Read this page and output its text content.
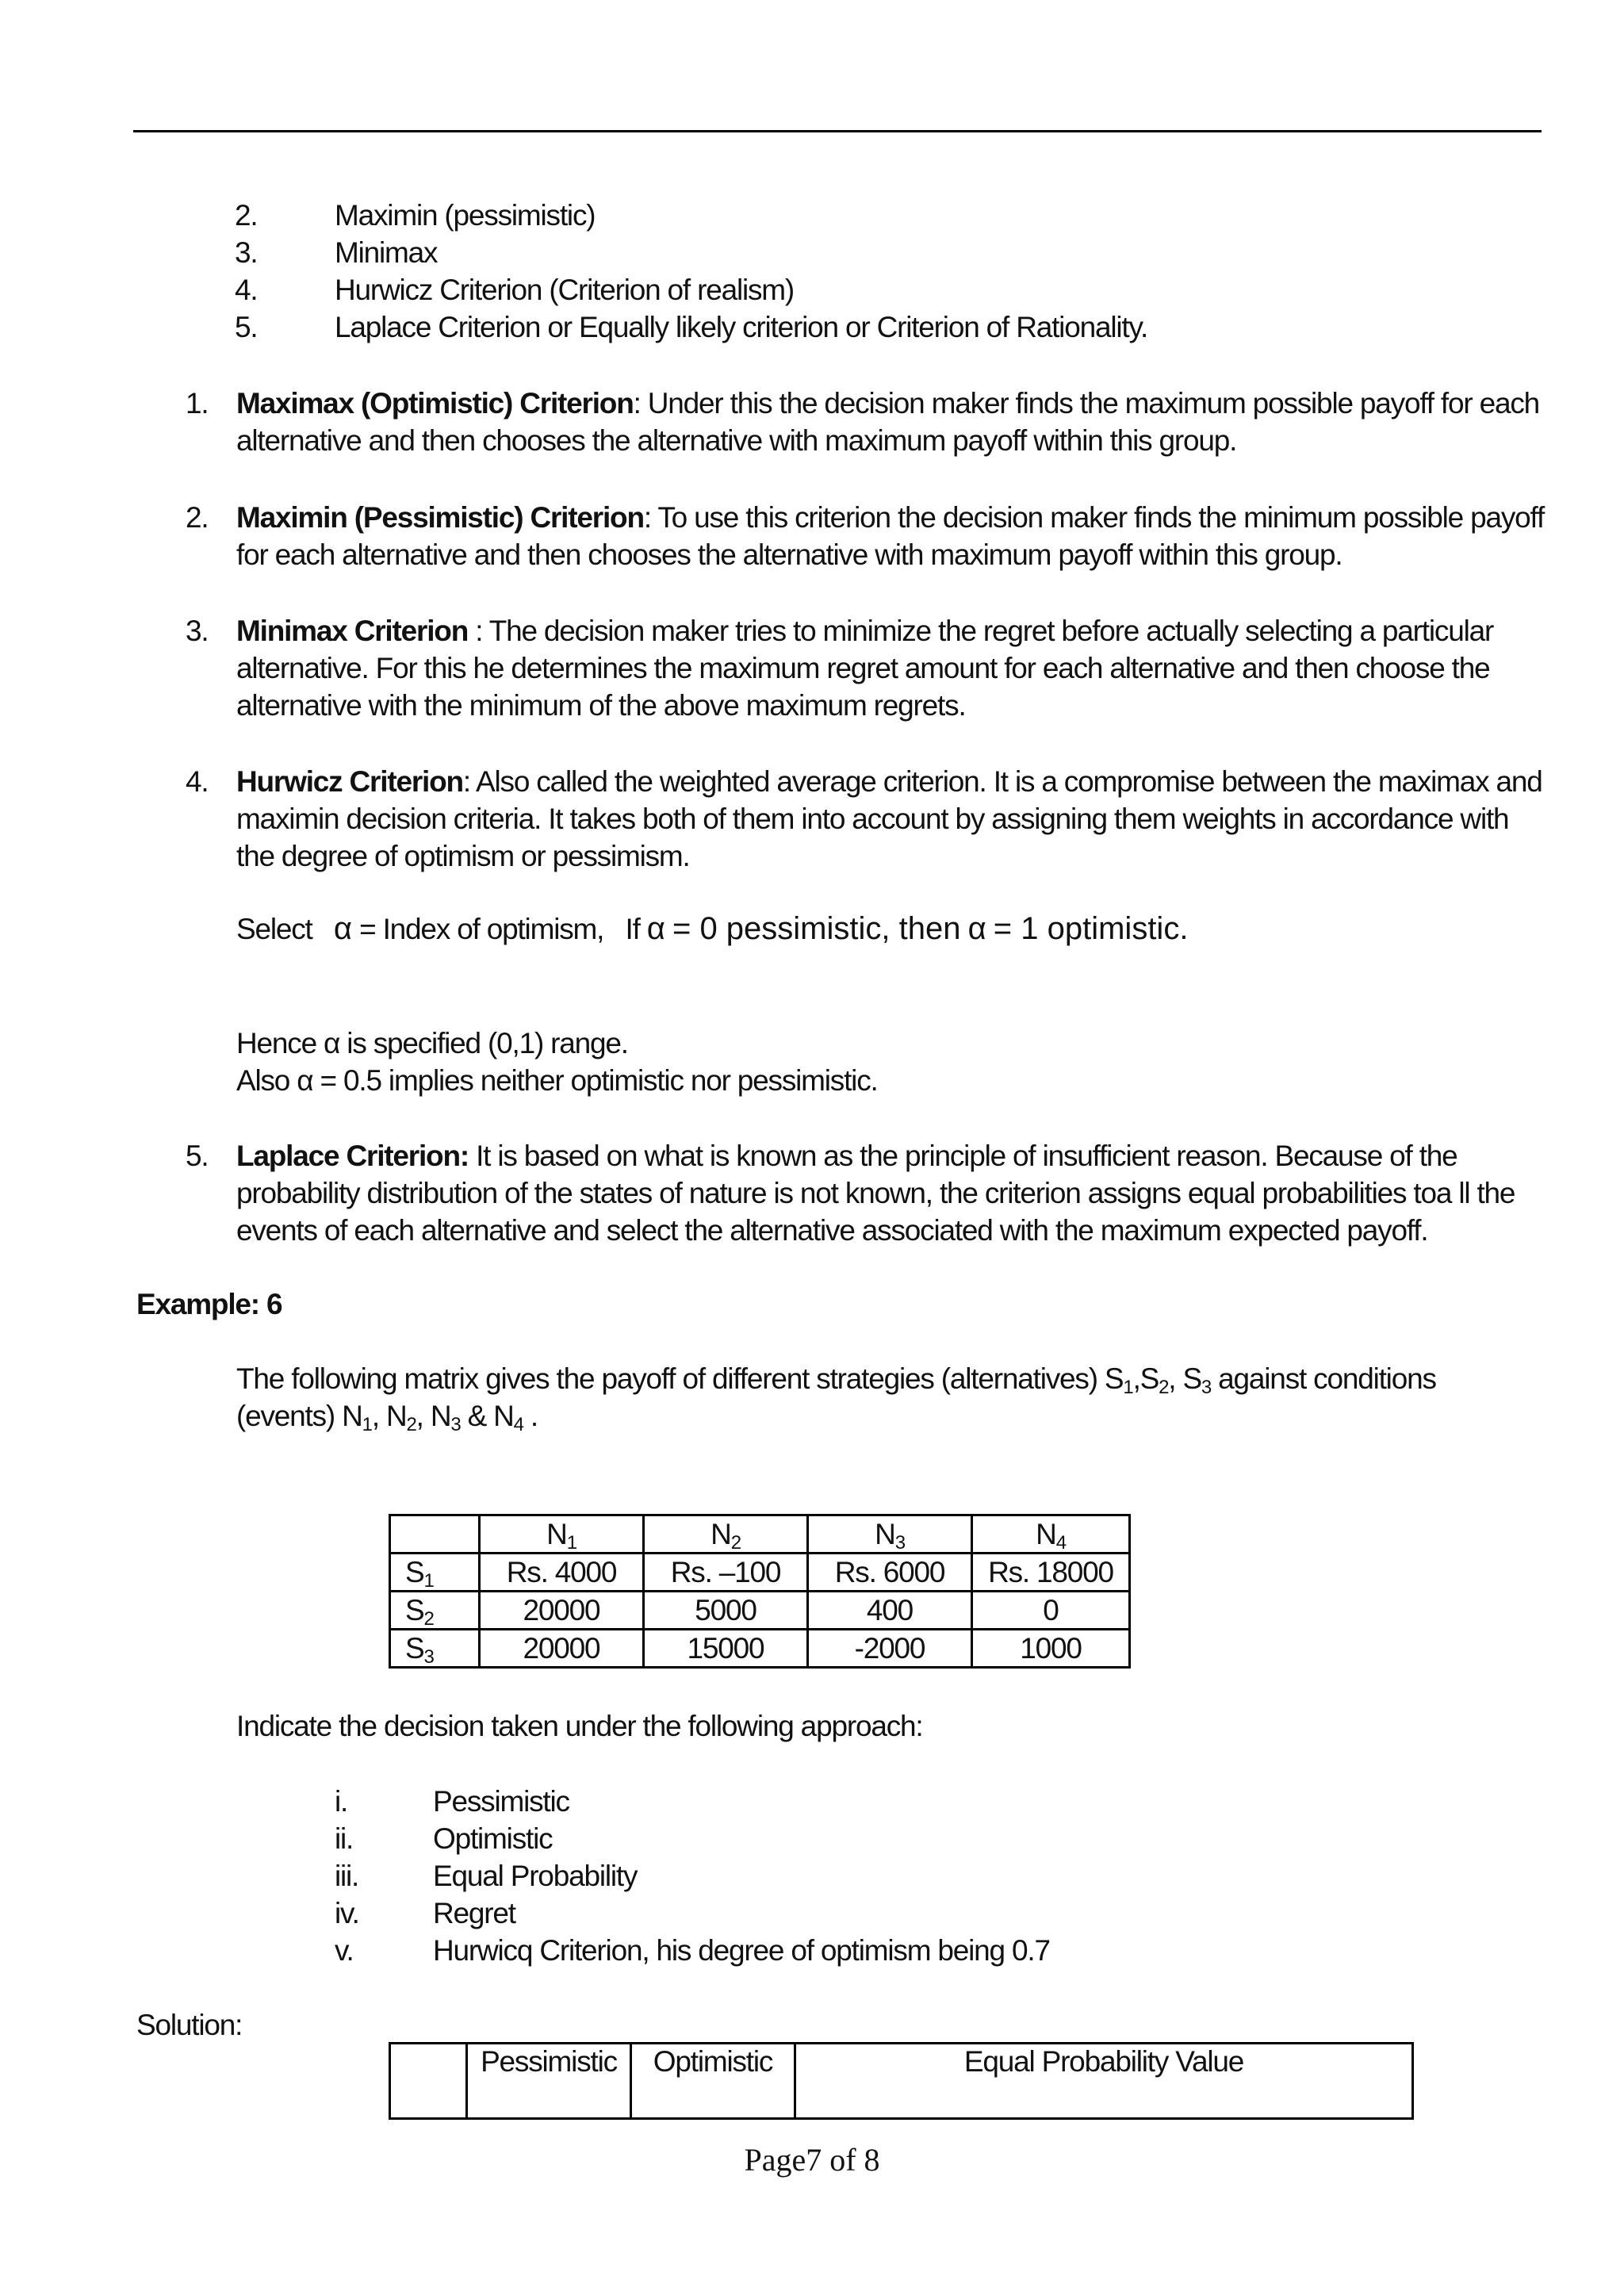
2.	Maximin (pessimistic)
3.	Minimax
4.	Hurwicz Criterion (Criterion of realism)
5.	Laplace Criterion or Equally likely criterion or Criterion of Rationality.
1. Maximax (Optimistic) Criterion: Under this the decision maker finds the maximum possible payoff for each alternative and then chooses the alternative with maximum payoff within this group.
2. Maximin (Pessimistic) Criterion: To use this criterion the decision maker finds the minimum possible payoff for each alternative and then chooses the alternative with maximum payoff within this group.
3. Minimax Criterion : The decision maker tries to minimize the regret before actually selecting a particular alternative. For this he determines the maximum regret amount for each alternative and then choose the alternative with the minimum of the above maximum regrets.
4. Hurwicz Criterion: Also called the weighted average criterion. It is a compromise between the maximax and maximin decision criteria. It takes both of them into account by assigning them weights in accordance with the degree of optimism or pessimism.
Select α = Index of optimism, If α = 0 pessimistic, then α = 1 optimistic.
Hence α is specified (0,1) range.
Also α = 0.5 implies neither optimistic nor pessimistic.
5. Laplace Criterion: It is based on what is known as the principle of insufficient reason. Because of the probability distribution of the states of nature is not known, the criterion assigns equal probabilities toa ll the events of each alternative and select the alternative associated with the maximum expected payoff.
Example: 6
The following matrix gives the payoff of different strategies (alternatives) $S_1,S_2$, $S_3$ against conditions
(events) $N_1$, $N_2$, $N_3$ & $N_4$ .
	$N_1$	$N_2$	$N_3$	$N_4$
$S_1$	Rs. 4000	Rs. –100	Rs. 6000	Rs. 18000
$S_2$	20000	5000	400	0
$S_3$	20000	15000	-2000	1000
Indicate the decision taken under the following approach:
i.	Pessimistic
ii.	Optimistic
iii.	Equal Probability
iv.	Regret
v.	Hurwicq Criterion, his degree of optimism being 0.7
Solution:
	Pessimistic	Optimistic	Equal Probability Value
Page7 of 8
